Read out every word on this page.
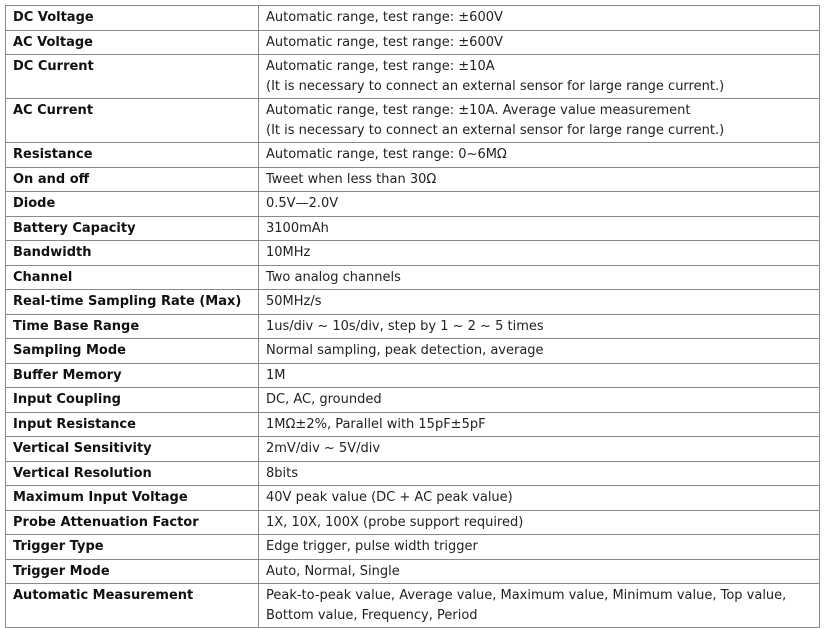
DC Voltage	Automatic range, test range: ±600V

AC Voltage	Automatic range, test range: ±600V

DC Current	Automatic range, test range: ±10A
(It is necessary to connect an external sensor for large range current.)

AC Current	Automatic range, test range: ±10A. Average value measurement
(It is necessary to connect an external sensor for large range current.)

Resistance	Automatic range, test range: 0~6MΩ

On and off	Tweet when less than 30Ω

Diode	0.5V—2.0V

Battery Capacity	3100mAh

Bandwidth	10MHz

Channel	Two analog channels

Real-time Sampling Rate (Max)	50MHz/s

Time Base Range	1us/div ~ 10s/div, step by 1 ~ 2 ~ 5 times

Sampling Mode	Normal sampling, peak detection, average

Buffer Memory	1M

Input Coupling	DC, AC, grounded

Input Resistance	1MΩ±2%, Parallel with 15pF±5pF

Vertical Sensitivity	2mV/div ~ 5V/div

Vertical Resolution	8bits

Maximum Input Voltage	40V peak value (DC + AC peak value)

Probe Attenuation Factor	1X, 10X, 100X (probe support required)

Trigger Type	Edge trigger, pulse width trigger

Trigger Mode	Auto, Normal, Single

Automatic Measurement	Peak-to-peak value, Average value, Maximum value, Minimum value, Top value,
Bottom value, Frequency, Period
